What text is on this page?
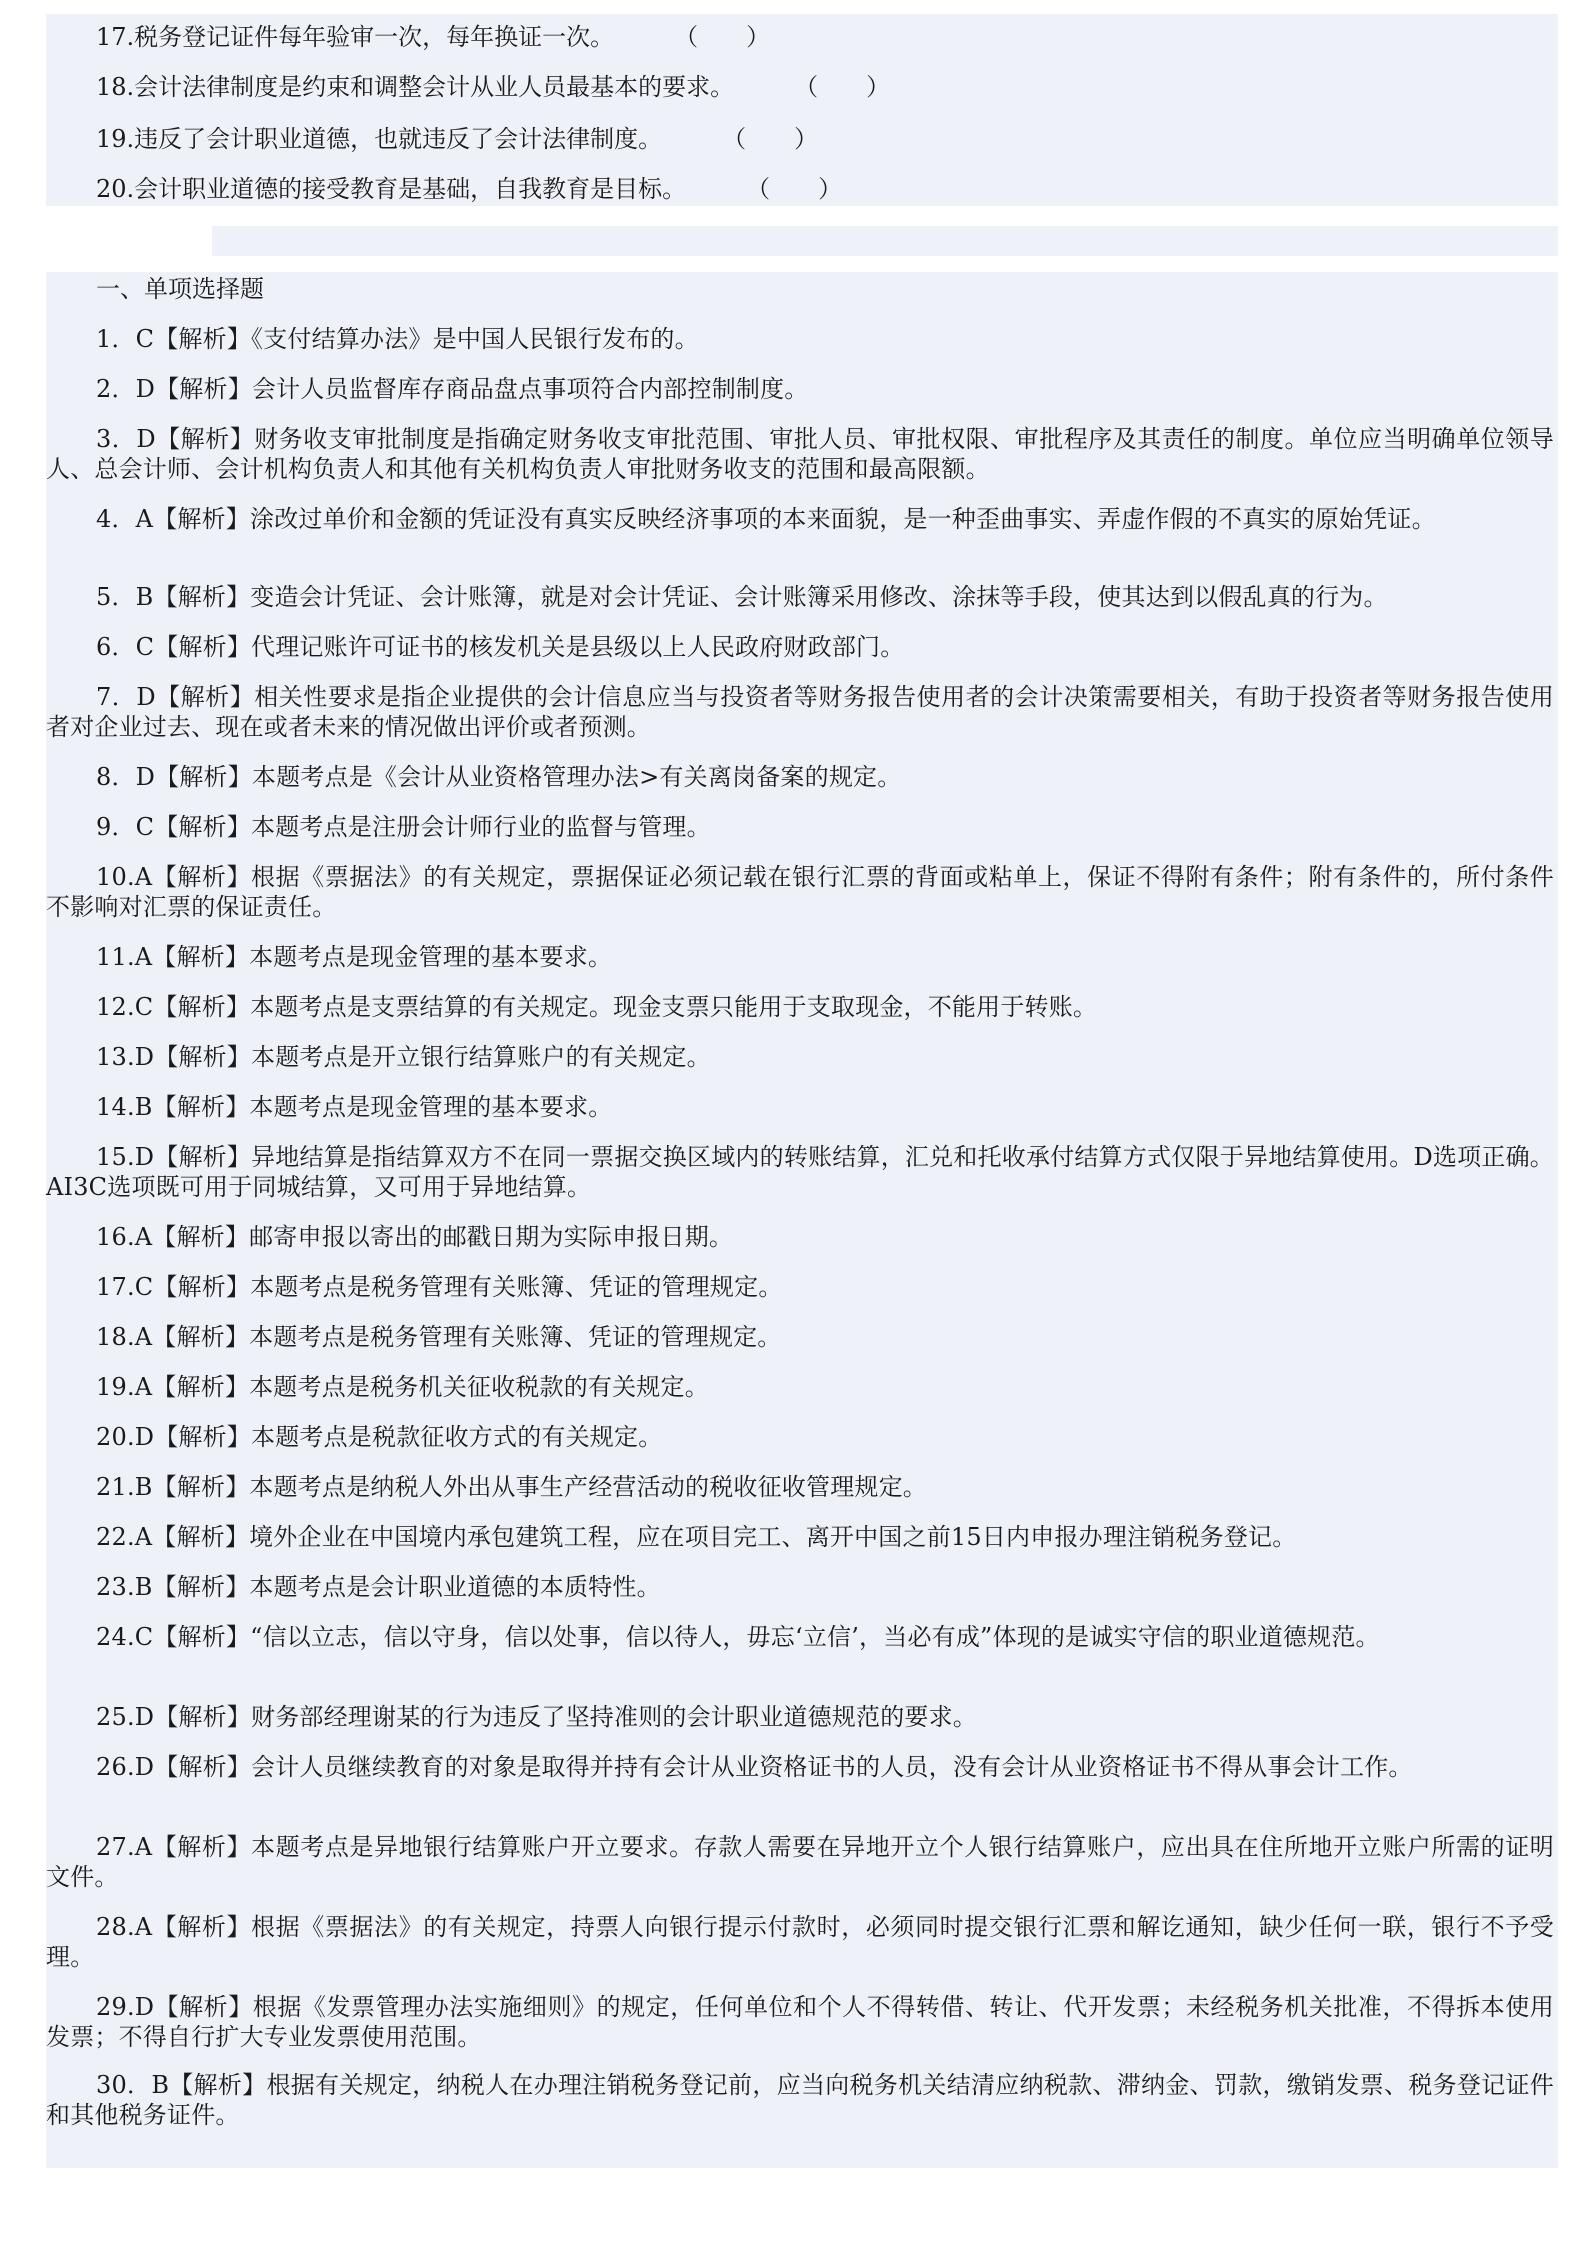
17.税务登记证件每年验审一次，每年换证一次。	（　　）
18.会计法律制度是约束和调整会计从业人员最基本的要求。	（　　）
19.违反了会计职业道德，也就违反了会计法律制度。	（　　）
20.会计职业道德的接受教育是基础，自我教育是目标。	（　　）
一、单项选择题
1．C【解析】《支付结算办法》是中国人民银行发布的。
2．D【解析】会计人员监督库存商品盘点事项符合内部控制制度。
3．D【解析】财务收支审批制度是指确定财务收支审批范围、审批人员、审批权限、审批程序及其责任的制度。单位应当明确单位领导人、总会计师、会计机构负责人和其他有关机构负责人审批财务收支的范围和最高限额。
4．A【解析】涂改过单价和金额的凭证没有真实反映经济事项的本来面貌，是一种歪曲事实、弄虚作假的不真实的原始凭证。
5．B【解析】变造会计凭证、会计账簿，就是对会计凭证、会计账簿采用修改、涂抹等手段，使其达到以假乱真的行为。
6．C【解析】代理记账许可证书的核发机关是县级以上人民政府财政部门。
7．D【解析】相关性要求是指企业提供的会计信息应当与投资者等财务报告使用者的会计决策需要相关，有助于投资者等财务报告使用者对企业过去、现在或者未来的情况做出评价或者预测。
8．D【解析】本题考点是《会计从业资格管理办法>有关离岗备案的规定。
9．C【解析】本题考点是注册会计师行业的监督与管理。
10.A【解析】根据《票据法》的有关规定，票据保证必须记载在银行汇票的背面或粘单上，保证不得附有条件；附有条件的，所付条件不影响对汇票的保证责任。
11.A【解析】本题考点是现金管理的基本要求。
12.C【解析】本题考点是支票结算的有关规定。现金支票只能用于支取现金，不能用于转账。
13.D【解析】本题考点是开立银行结算账户的有关规定。
14.B【解析】本题考点是现金管理的基本要求。
15.D【解析】异地结算是指结算双方不在同一票据交换区域内的转账结算，汇兑和托收承付结算方式仅限于异地结算使用。D选项正确。AI3C选项既可用于同城结算，又可用于异地结算。
16.A【解析】邮寄申报以寄出的邮戳日期为实际申报日期。
17.C【解析】本题考点是税务管理有关账簿、凭证的管理规定。
18.A【解析】本题考点是税务管理有关账簿、凭证的管理规定。
19.A【解析】本题考点是税务机关征收税款的有关规定。
20.D【解析】本题考点是税款征收方式的有关规定。
21.B【解析】本题考点是纳税人外出从事生产经营活动的税收征收管理规定。
22.A【解析】境外企业在中国境内承包建筑工程，应在项目完工、离开中国之前15日内申报办理注销税务登记。
23.B【解析】本题考点是会计职业道德的本质特性。
24.C【解析】“信以立志，信以守身，信以处事，信以待人，毋忘‘立信’，当必有成”体现的是诚实守信的职业道德规范。
25.D【解析】财务部经理谢某的行为违反了坚持准则的会计职业道德规范的要求。
26.D【解析】会计人员继续教育的对象是取得并持有会计从业资格证书的人员，没有会计从业资格证书不得从事会计工作。
27.A【解析】本题考点是异地银行结算账户开立要求。存款人需要在异地开立个人银行结算账户，应出具在住所地开立账户所需的证明文件。
28.A【解析】根据《票据法》的有关规定，持票人向银行提示付款时，必须同时提交银行汇票和解讫通知，缺少任何一联，银行不予受理。
29.D【解析】根据《发票管理办法实施细则》的规定，任何单位和个人不得转借、转让、代开发票；未经税务机关批准，不得拆本使用发票；不得自行扩大专业发票使用范围。
30．B【解析】根据有关规定，纳税人在办理注销税务登记前，应当向税务机关结清应纳税款、滞纳金、罚款，缴销发票、税务登记证件和其他税务证件。
